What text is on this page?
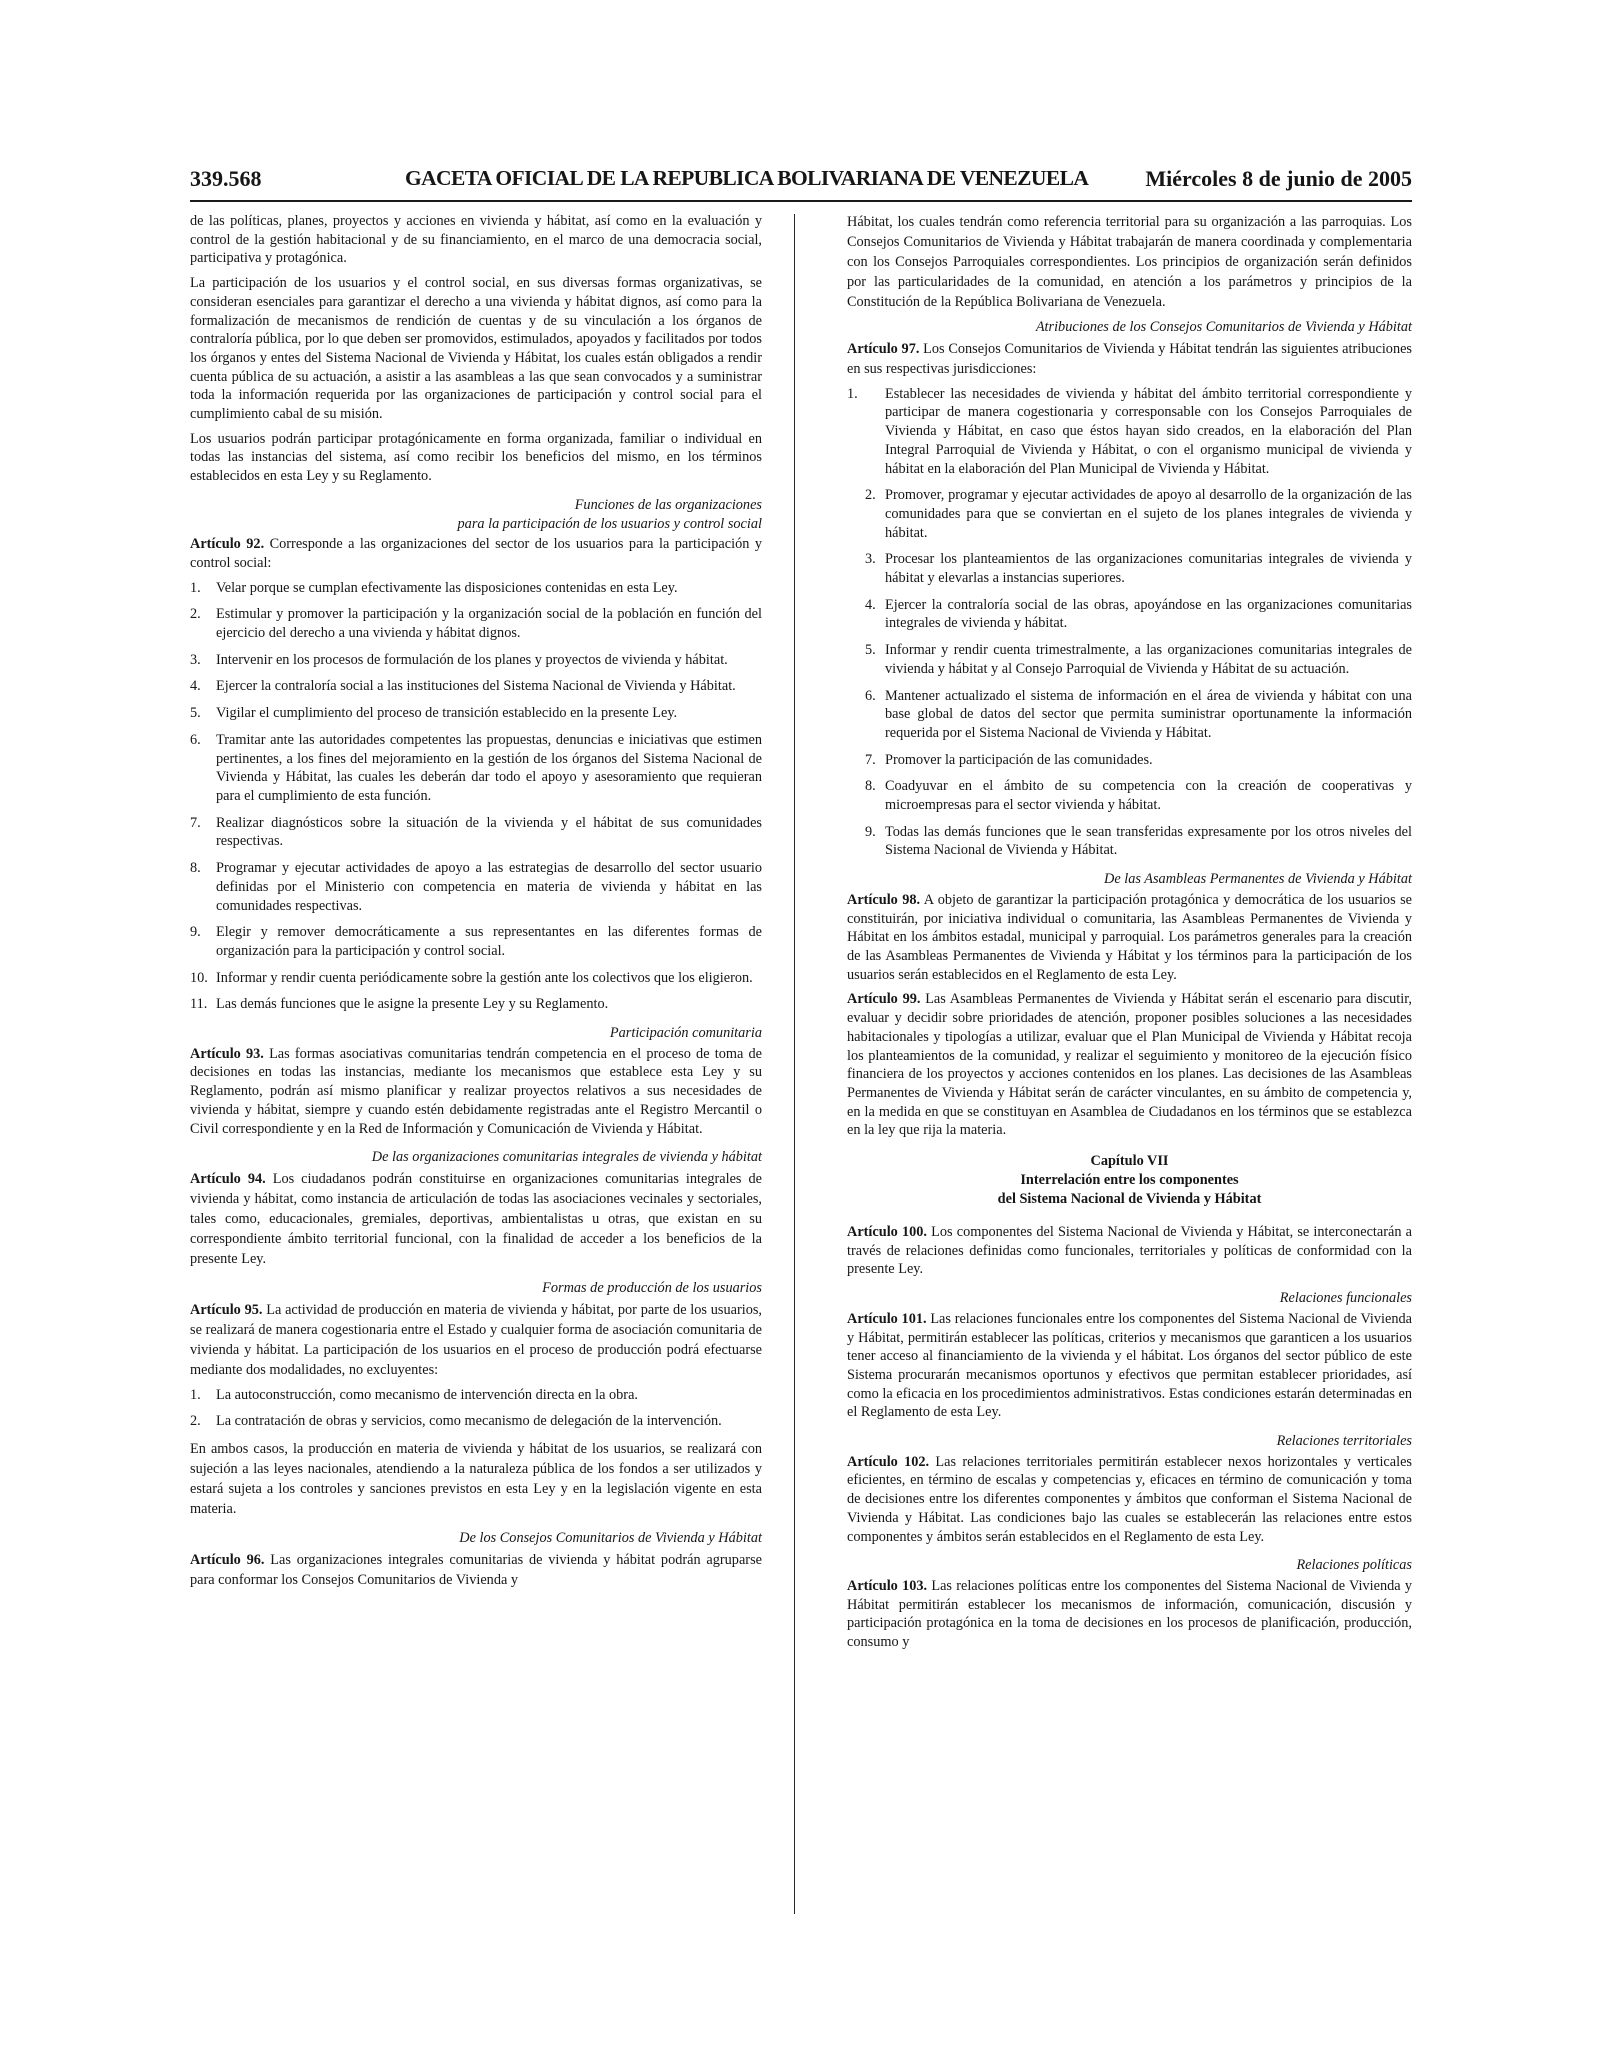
339.568	GACETA OFICIAL DE LA REPUBLICA BOLIVARIANA DE VENEZUELA	Miércoles 8 de junio de 2005

de las políticas, planes, proyectos y acciones en vivienda y hábitat, así como en la evaluación y control de la gestión habitacional y de su financiamiento, en el marco de una democracia social, participativa y protagónica.

La participación de los usuarios y el control social, en sus diversas formas organizativas, se consideran esenciales para garantizar el derecho a una vivienda y hábitat dignos, así como para la formalización de mecanismos de rendición de cuentas y de su vinculación a los órganos de contraloría pública, por lo que deben ser promovidos, estimulados, apoyados y facilitados por todos los órganos y entes del Sistema Nacional de Vivienda y Hábitat, los cuales están obligados a rendir cuenta pública de su actuación, a asistir a las asambleas a las que sean convocados y a suministrar toda la información requerida por las organizaciones de participación y control social para el cumplimiento cabal de su misión.

Los usuarios podrán participar protagónicamente en forma organizada, familiar o individual en todas las instancias del sistema, así como recibir los beneficios del mismo, en los términos establecidos en esta Ley y su Reglamento.

Funciones de las organizaciones
para la participación de los usuarios y control social

Artículo 92. Corresponde a las organizaciones del sector de los usuarios para la participación y control social:

1. Velar porque se cumplan efectivamente las disposiciones contenidas en esta Ley.
2. Estimular y promover la participación y la organización social de la población en función del ejercicio del derecho a una vivienda y hábitat dignos.
3. Intervenir en los procesos de formulación de los planes y proyectos de vivienda y hábitat.
4. Ejercer la contraloría social a las instituciones del Sistema Nacional de Vivienda y Hábitat.
5. Vigilar el cumplimiento del proceso de transición establecido en la presente Ley.
6. Tramitar ante las autoridades competentes las propuestas, denuncias e iniciativas que estimen pertinentes, a los fines del mejoramiento en la gestión de los órganos del Sistema Nacional de Vivienda y Hábitat, las cuales les deberán dar todo el apoyo y asesoramiento que requieran para el cumplimiento de esta función.
7. Realizar diagnósticos sobre la situación de la vivienda y el hábitat de sus comunidades respectivas.
8. Programar y ejecutar actividades de apoyo a las estrategias de desarrollo del sector usuario definidas por el Ministerio con competencia en materia de vivienda y hábitat en las comunidades respectivas.
9. Elegir y remover democráticamente a sus representantes en las diferentes formas de organización para la participación y control social.
10. Informar y rendir cuenta periódicamente sobre la gestión ante los colectivos que los eligieron.
11. Las demás funciones que le asigne la presente Ley y su Reglamento.
Participación comunitaria

Artículo 93. Las formas asociativas comunitarias tendrán competencia en el proceso de toma de decisiones en todas las instancias, mediante los mecanismos que establece esta Ley y su Reglamento, podrán así mismo planificar y realizar proyectos relativos a sus necesidades de vivienda y hábitat, siempre y cuando estén debidamente registradas ante el Registro Mercantil o Civil correspondiente y en la Red de Información y Comunicación de Vivienda y Hábitat.

De las organizaciones comunitarias integrales de vivienda y hábitat

Artículo 94. Los ciudadanos podrán constituirse en organizaciones comunitarias integrales de vivienda y hábitat, como instancia de articulación de todas las asociaciones vecinales y sectoriales, tales como, educacionales, gremiales, deportivas, ambientalistas u otras, que existan en su correspondiente ámbito territorial funcional, con la finalidad de acceder a los beneficios de la presente Ley.

Formas de producción de los usuarios

Artículo 95. La actividad de producción en materia de vivienda y hábitat, por parte de los usuarios, se realizará de manera cogestionaria entre el Estado y cualquier forma de asociación comunitaria de vivienda y hábitat. La participación de los usuarios en el proceso de producción podrá efectuarse mediante dos modalidades, no excluyentes:

1. La autoconstrucción, como mecanismo de intervención directa en la obra.
2. La contratación de obras y servicios, como mecanismo de delegación de la intervención.

En ambos casos, la producción en materia de vivienda y hábitat de los usuarios, se realizará con sujeción a las leyes nacionales, atendiendo a la naturaleza pública de los fondos a ser utilizados y estará sujeta a los controles y sanciones previstos en esta Ley y en la legislación vigente en esta materia.

De los Consejos Comunitarios de Vivienda y Hábitat

Artículo 96. Las organizaciones integrales comunitarias de vivienda y hábitat podrán agruparse para conformar los Consejos Comunitarios de Vivienda y

Hábitat, los cuales tendrán como referencia territorial para su organización a las parroquias. Los Consejos Comunitarios de Vivienda y Hábitat trabajarán de manera coordinada y complementaria con los Consejos Parroquiales correspondientes. Los principios de organización serán definidos por las particularidades de la comunidad, en atención a los parámetros y principios de la Constitución de la República Bolivariana de Venezuela.

Atribuciones de los Consejos Comunitarios de Vivienda y Hábitat

Artículo 97. Los Consejos Comunitarios de Vivienda y Hábitat tendrán las siguientes atribuciones en sus respectivas jurisdicciones:

1. Establecer las necesidades de vivienda y hábitat del ámbito territorial correspondiente y participar de manera cogestionaria y corresponsable con los Consejos Parroquiales de Vivienda y Hábitat, en caso que éstos hayan sido creados, en la elaboración del Plan Integral Parroquial de Vivienda y Hábitat, o con el organismo municipal de vivienda y hábitat en la elaboración del Plan Municipal de Vivienda y Hábitat.
2. Promover, programar y ejecutar actividades de apoyo al desarrollo de la organización de las comunidades para que se conviertan en el sujeto de los planes integrales de vivienda y hábitat.
3. Procesar los planteamientos de las organizaciones comunitarias integrales de vivienda y hábitat y elevarlas a instancias superiores.
4. Ejercer la contraloría social de las obras, apoyándose en las organizaciones comunitarias integrales de vivienda y hábitat.
5. Informar y rendir cuenta trimestralmente, a las organizaciones comunitarias integrales de vivienda y hábitat y al Consejo Parroquial de Vivienda y Hábitat de su actuación.
6. Mantener actualizado el sistema de información en el área de vivienda y hábitat con una base global de datos del sector que permita suministrar oportunamente la información requerida por el Sistema Nacional de Vivienda y Hábitat.
7. Promover la participación de las comunidades.
8. Coadyuvar en el ámbito de su competencia con la creación de cooperativas y microempresas para el sector vivienda y hábitat.
9. Todas las demás funciones que le sean transferidas expresamente por los otros niveles del Sistema Nacional de Vivienda y Hábitat.
De las Asambleas Permanentes de Vivienda y Hábitat

Artículo 98. A objeto de garantizar la participación protagónica y democrática de los usuarios se constituirán, por iniciativa individual o comunitaria, las Asambleas Permanentes de Vivienda y Hábitat en los ámbitos estadal, municipal y parroquial. Los parámetros generales para la creación de las Asambleas Permanentes de Vivienda y Hábitat y los términos para la participación de los usuarios serán establecidos en el Reglamento de esta Ley.

Artículo 99. Las Asambleas Permanentes de Vivienda y Hábitat serán el escenario para discutir, evaluar y decidir sobre prioridades de atención, proponer posibles soluciones a las necesidades habitacionales y tipologías a utilizar, evaluar que el Plan Municipal de Vivienda y Hábitat recoja los planteamientos de la comunidad, y realizar el seguimiento y monitoreo de la ejecución físico financiera de los proyectos y acciones contenidos en los planes. Las decisiones de las Asambleas Permanentes de Vivienda y Hábitat serán de carácter vinculantes, en su ámbito de competencia y, en la medida en que se constituyan en Asamblea de Ciudadanos en los términos que se establezca en la ley que rija la materia.

Capítulo VII
Interrelación entre los componentes
del Sistema Nacional de Vivienda y Hábitat

Artículo 100. Los componentes del Sistema Nacional de Vivienda y Hábitat, se interconectarán a través de relaciones definidas como funcionales, territoriales y políticas de conformidad con la presente Ley.

Relaciones funcionales

Artículo 101. Las relaciones funcionales entre los componentes del Sistema Nacional de Vivienda y Hábitat, permitirán establecer las políticas, criterios y mecanismos que garanticen a los usuarios tener acceso al financiamiento de la vivienda y el hábitat. Los órganos del sector público de este Sistema procurarán mecanismos oportunos y efectivos que permitan establecer prioridades, así como la eficacia en los procedimientos administrativos. Estas condiciones estarán determinadas en el Reglamento de esta Ley.

Relaciones territoriales

Artículo 102. Las relaciones territoriales permitirán establecer nexos horizontales y verticales eficientes, en término de escalas y competencias y, eficaces en término de comunicación y toma de decisiones entre los diferentes componentes y ámbitos que conforman el Sistema Nacional de Vivienda y Hábitat. Las condiciones bajo las cuales se establecerán las relaciones entre estos componentes y ámbitos serán establecidos en el Reglamento de esta Ley.

Relaciones políticas

Artículo 103. Las relaciones políticas entre los componentes del Sistema Nacional de Vivienda y Hábitat permitirán establecer los mecanismos de información, comunicación, discusión y participación protagónica en la toma de decisiones en los procesos de planificación, producción, consumo y
